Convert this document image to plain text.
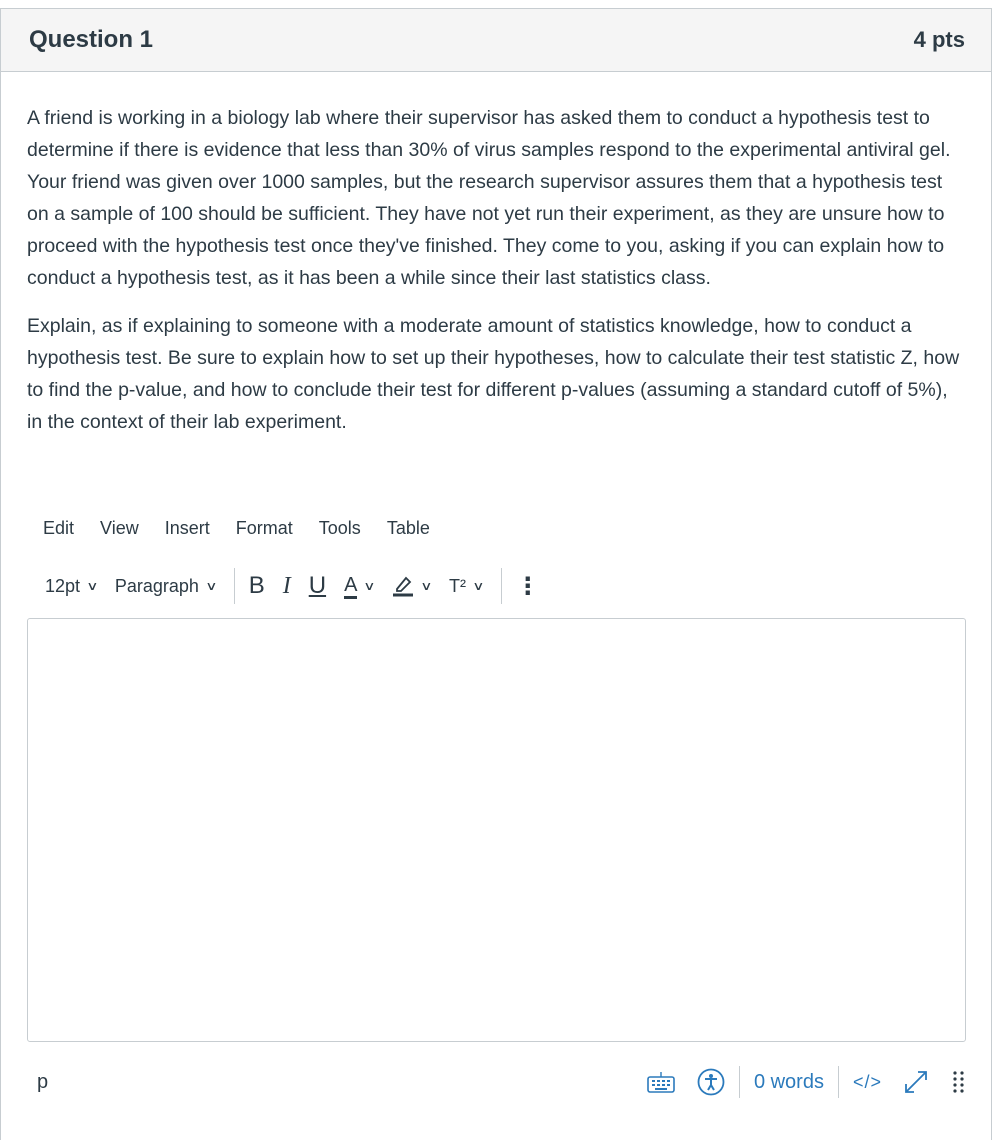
Question 1	4 pts

A friend is working in a biology lab where their supervisor has asked them to conduct a hypothesis test to determine if there is evidence that less than 30% of virus samples respond to the experimental antiviral gel. Your friend was given over 1000 samples, but the research supervisor assures them that a hypothesis test on a sample of 100 should be sufficient. They have not yet run their experiment, as they are unsure how to proceed with the hypothesis test once they've finished. They come to you, asking if you can explain how to conduct a hypothesis test, as it has been a while since their last statistics class.

Explain, as if explaining to someone with a moderate amount of statistics knowledge, how to conduct a hypothesis test. Be sure to explain how to set up their hypotheses, how to calculate their test statistic Z, how to find the p-value, and how to conclude their test for different p-values (assuming a standard cutoff of 5%), in the context of their lab experiment.

Edit	View	Insert	Format	Tools	Table
12pt ∨ Paragraph ∨ B I U A ∨	∨ T² ∨ ⋮
p	0 words </>
